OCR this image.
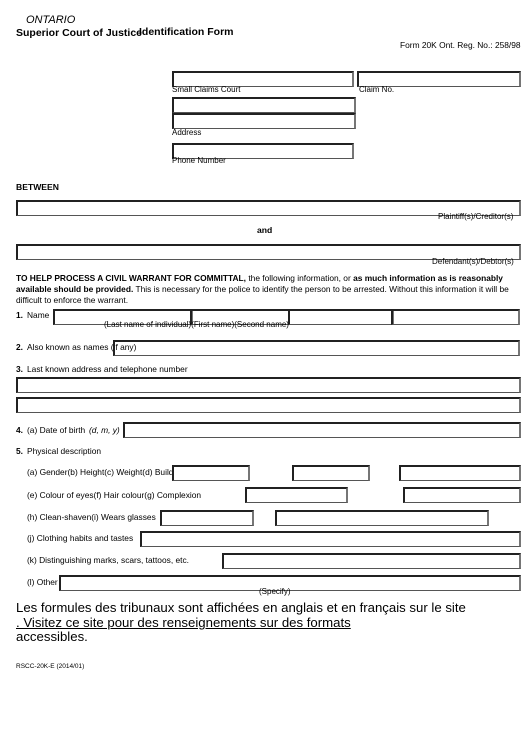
ONTARIO
Superior Court of Justice
Identification Form
Form 20K Ont. Reg. No.: 258/98
Small Claims Court	Claim No.
Address
Phone Number
BETWEEN
Plaintiff(s)/Creditor(s)
and
Defendant(s)/Debtor(s)
TO HELP PROCESS A CIVIL WARRANT FOR COMMITTAL, the following information, or as much information as is reasonably available should be provided. This is necessary for the police to identify the person to be arrested. Without this information it will be difficult to enforce the warrant.
1. Name
(Last name of individual)(First name)(Second name)
2. Also known as names (if any)
3. Last known address and telephone number
4. (a) Date of birth (d, m, y)
5. Physical description
(a) Gender(b) Height(c) Weight(d) Build
(e) Colour of eyes(f) Hair colour(g) Complexion
(h) Clean-shaven(i) Wears glasses
(j) Clothing habits and tastes
(k) Distinguishing marks, scars, tattoos, etc.
(l) Other
(Specify)
Les formules des tribunaux sont affichées en anglais et en français sur le site
. Visitez ce site pour des renseignements sur des formats
accessibles.
RSCC-20K-E (2014/01)
